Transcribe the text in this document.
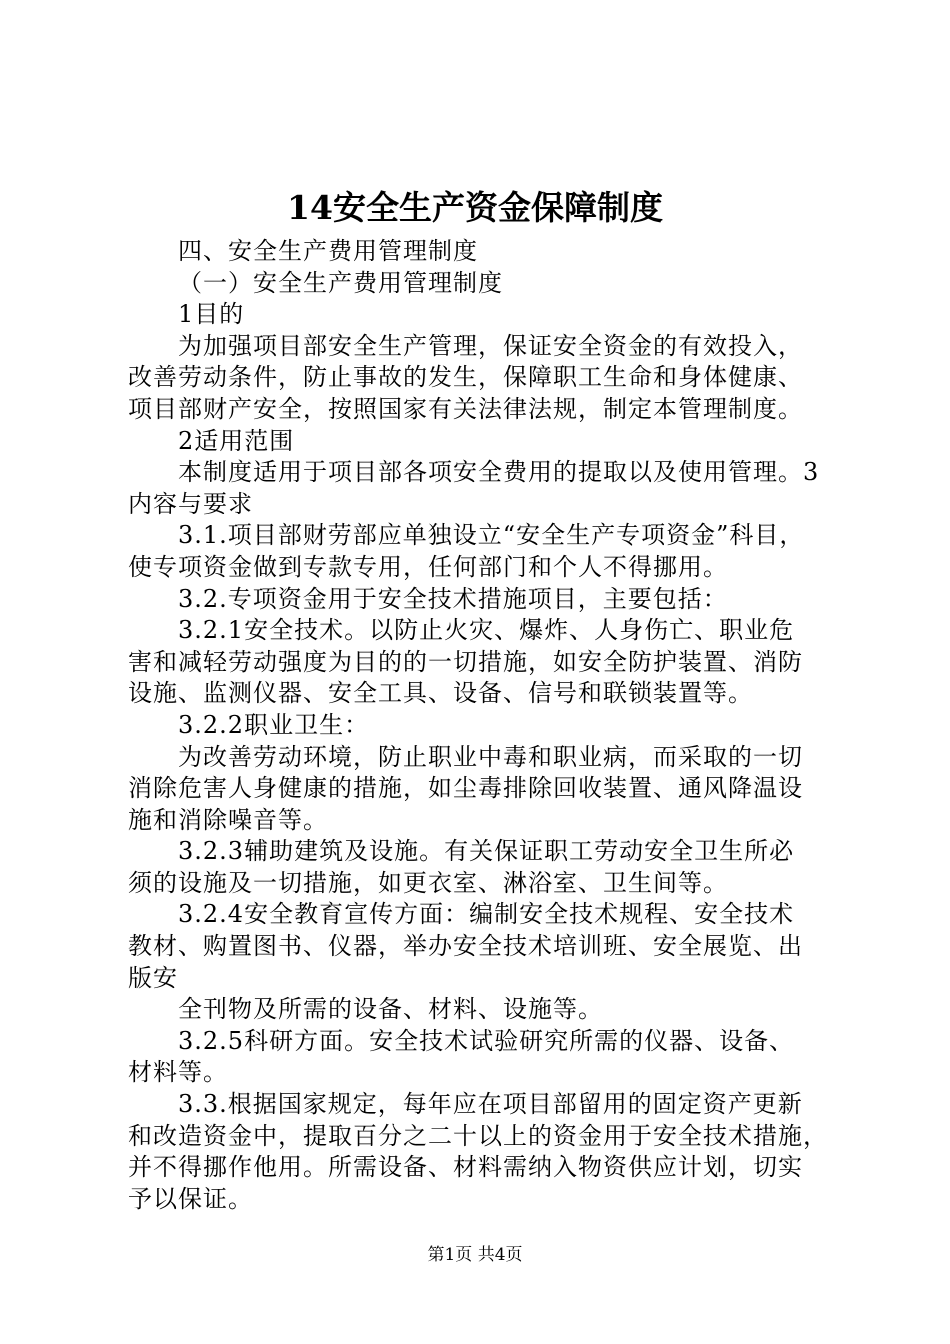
14安全生产资金保障制度
四、安全生产费用管理制度
（一）安全生产费用管理制度
1目的
为加强项目部安全生产管理，保证安全资金的有效投入，
改善劳动条件，防止事故的发生，保障职工生命和身体健康、
项目部财产安全，按照国家有关法律法规，制定本管理制度。
2适用范围
本制度适用于项目部各项安全费用的提取以及使用管理。3
内容与要求
3.1.项目部财劳部应单独设立“安全生产专项资金”科目，
使专项资金做到专款专用，任何部门和个人不得挪用。
3.2.专项资金用于安全技术措施项目，主要包括：
3.2.1安全技术。以防止火灾、爆炸、人身伤亡、职业危
害和减轻劳动强度为目的的一切措施，如安全防护装置、消防
设施、监测仪器、安全工具、设备、信号和联锁装置等。
3.2.2职业卫生：
为改善劳动环境，防止职业中毒和职业病，而采取的一切
消除危害人身健康的措施，如尘毒排除回收装置、通风降温设
施和消除噪音等。
3.2.3辅助建筑及设施。有关保证职工劳动安全卫生所必
须的设施及一切措施，如更衣室、淋浴室、卫生间等。
3.2.4安全教育宣传方面：编制安全技术规程、安全技术
教材、购置图书、仪器，举办安全技术培训班、安全展览、出
版安
全刊物及所需的设备、材料、设施等。
3.2.5科研方面。安全技术试验研究所需的仪器、设备、
材料等。
3.3.根据国家规定，每年应在项目部留用的固定资产更新
和改造资金中，提取百分之二十以上的资金用于安全技术措施，
并不得挪作他用。所需设备、材料需纳入物资供应计划，切实
予以保证。
第1页 共4页
